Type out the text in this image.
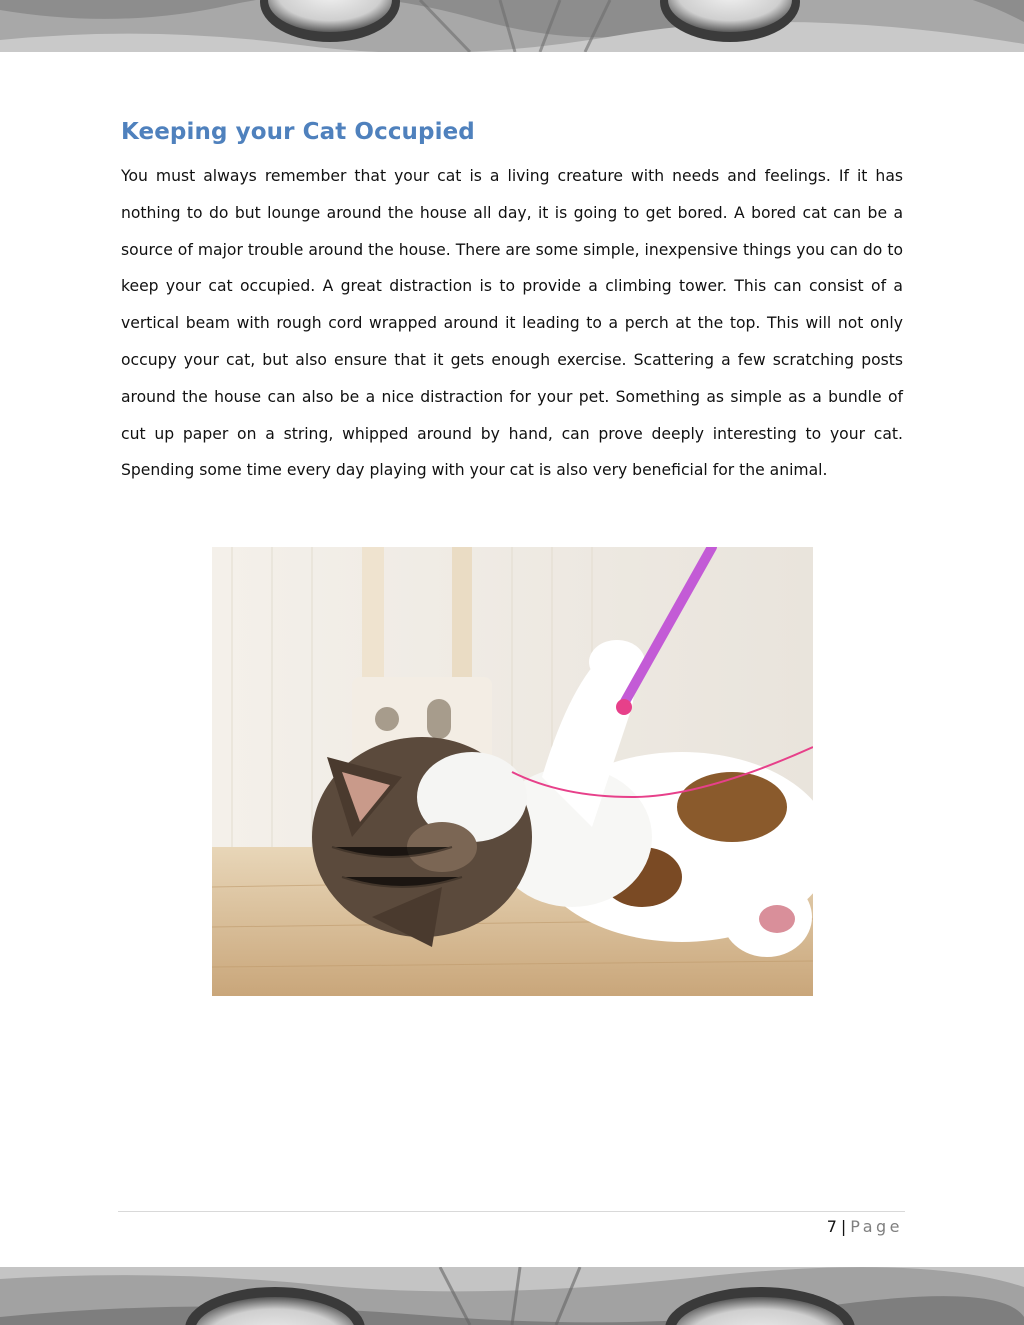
Keeping your Cat Occupied

You must always remember that your cat is a living creature with needs and feelings. If it has nothing to do but lounge around the house all day, it is going to get bored. A bored cat can be a source of major trouble around the house. There are some simple, inexpensive things you can do to keep your cat occupied. A great distraction is to provide a climbing tower. This can consist of a vertical beam with rough cord wrapped around it leading to a perch at the top. This will not only occupy your cat, but also ensure that it gets enough exercise. Scattering a few scratching posts around the house can also be a nice distraction for your pet. Something as simple as a bundle of cut up paper on a string, whipped around by hand, can prove deeply interesting to your cat. Spending some time every day playing with your cat is also very beneficial for the animal.

7 | Page
